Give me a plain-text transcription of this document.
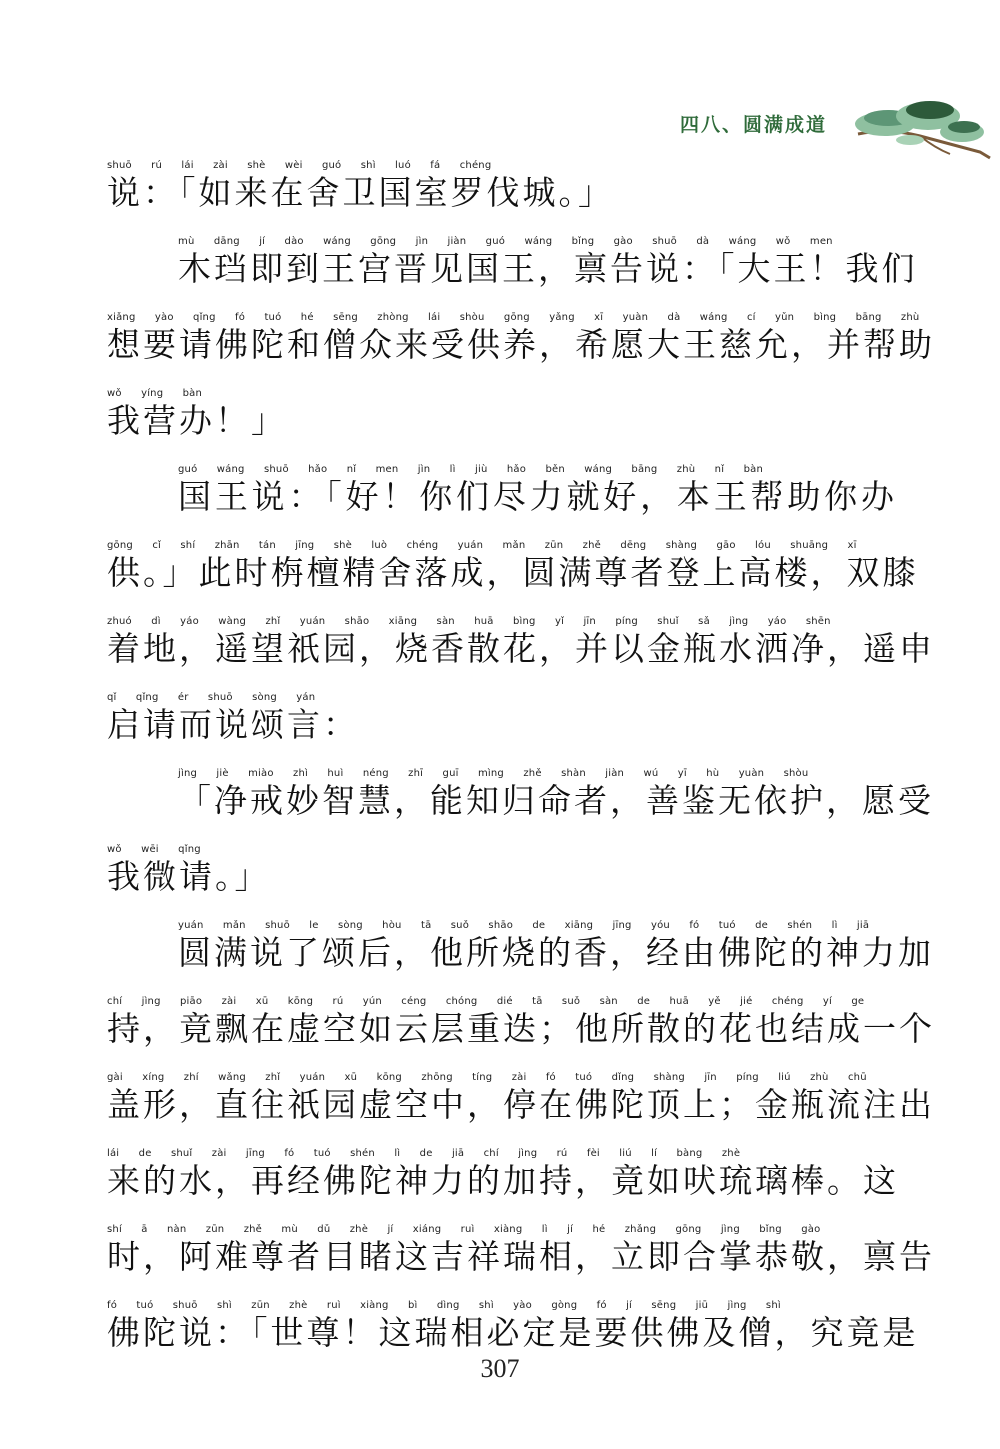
四八、圆满成道
shuō rú lái zài shè wèi guó shì luó fá chéng
说：「如来在舍卫国室罗伐城。」
mù dāng jí dào wáng gōng jìn jiàn guó wáng bǐng gào shuō dà wáng wǒ men
木珰即到王宫晋见国王，禀告说：「大王！我们
xiǎng yào qǐng fó tuó hé sēng zhòng lái shòu gōng yǎng xī yuàn dà wáng cí yǔn bìng bāng zhù
想要请佛陀和僧众来受供养，希愿大王慈允，并帮助
wǒ yíng bàn
我营办！」
guó wáng shuō hǎo nǐ men jìn lì jiù hǎo běn wáng bāng zhù nǐ bàn
国王说：「好！你们尽力就好，本王帮助你办
gōng cǐ shí zhān tán jīng shè luò chéng yuán mǎn zūn zhě dēng shàng gāo lóu shuāng xī
供。」此时栴檀精舍落成，圆满尊者登上高楼，双膝
zhuó dì yáo wàng zhǐ yuán shāo xiāng sàn huā bìng yǐ jīn píng shuǐ sǎ jìng yáo shēn
着地，遥望祇园，烧香散花，并以金瓶水洒净，遥申
qǐ qǐng ér shuō sòng yán
启请而说颂言：
jìng jiè miào zhì huì néng zhī guī mìng zhě shàn jiàn wú yī hù yuàn shòu
「净戒妙智慧，能知归命者，善鉴无依护，愿受
wǒ wēi qǐng
我微请。」
yuán mǎn shuō le sòng hòu tā suǒ shāo de xiāng jīng yóu fó tuó de shén lì jiā
圆满说了颂后，他所烧的香，经由佛陀的神力加
chí jìng piāo zài xū kōng rú yún céng chóng dié tā suǒ sàn de huā yě jié chéng yí ge
持，竟飘在虚空如云层重迭；他所散的花也结成一个
gài xíng zhí wǎng zhǐ yuán xū kōng zhōng tíng zài fó tuó dǐng shàng jīn píng liú zhù chū
盖形，直往祇园虚空中，停在佛陀顶上；金瓶流注出
lái de shuǐ zài jīng fó tuó shén lì de jiā chí jìng rú fèi liú lí bàng zhè
来的水，再经佛陀神力的加持，竟如吠琉璃棒。这
shí ā nàn zūn zhě mù dǔ zhè jí xiáng ruì xiàng lì jí hé zhǎng gōng jìng bǐng gào
时，阿难尊者目睹这吉祥瑞相，立即合掌恭敬，禀告
fó tuó shuō shì zūn zhè ruì xiàng bì dìng shì yào gòng fó jí sēng jiū jìng shì
佛陀说：「世尊！这瑞相必定是要供佛及僧，究竟是
307
